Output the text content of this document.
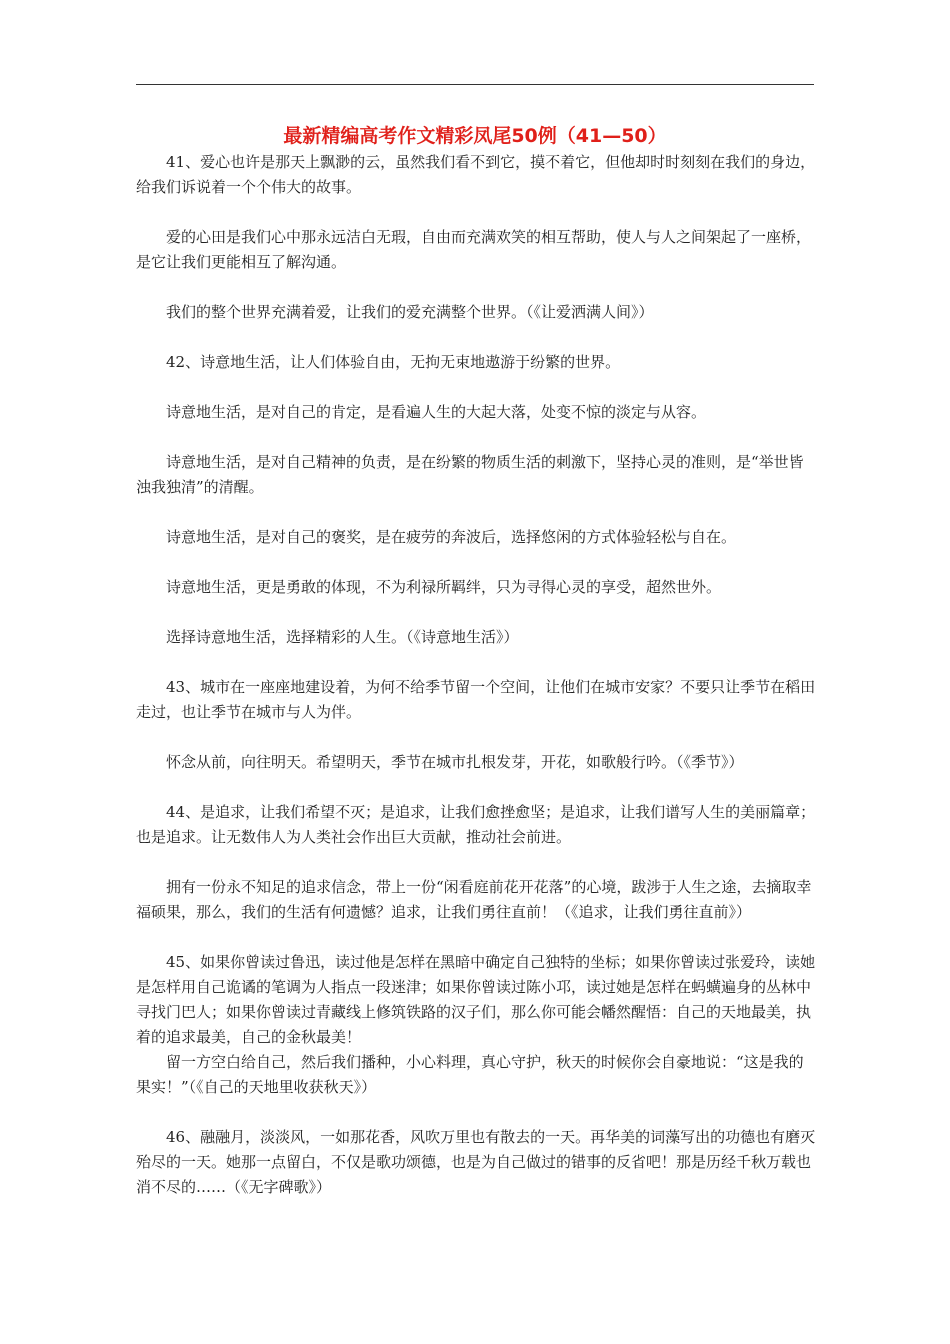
最新精编高考作文精彩凤尾50例（41—50）

41、爱心也许是那天上飘渺的云，虽然我们看不到它，摸不着它，但他却时时刻刻在我们的身边，给我们诉说着一个个伟大的故事。

爱的心田是我们心中那永远洁白无瑕，自由而充满欢笑的相互帮助，使人与人之间架起了一座桥，是它让我们更能相互了解沟通。

我们的整个世界充满着爱，让我们的爱充满整个世界。（《让爱洒满人间》）

42、诗意地生活，让人们体验自由，无拘无束地遨游于纷繁的世界。

诗意地生活，是对自己的肯定，是看遍人生的大起大落，处变不惊的淡定与从容。

诗意地生活，是对自己精神的负责，是在纷繁的物质生活的刺激下，坚持心灵的准则，是“举世皆浊我独清”的清醒。

诗意地生活，是对自己的褒奖，是在疲劳的奔波后，选择悠闲的方式体验轻松与自在。

诗意地生活，更是勇敢的体现，不为利禄所羁绊，只为寻得心灵的享受，超然世外。

选择诗意地生活，选择精彩的人生。（《诗意地生活》）

43、城市在一座座地建设着，为何不给季节留一个空间，让他们在城市安家？不要只让季节在稻田走过，也让季节在城市与人为伴。

怀念从前，向往明天。希望明天，季节在城市扎根发芽，开花，如歌般行吟。（《季节》）

44、是追求，让我们希望不灭；是追求，让我们愈挫愈坚；是追求，让我们谱写人生的美丽篇章；也是追求。让无数伟人为人类社会作出巨大贡献，推动社会前进。

拥有一份永不知足的追求信念，带上一份“闲看庭前花开花落”的心境，跋涉于人生之途，去摘取幸福硕果，那么，我们的生活有何遗憾？追求，让我们勇往直前！（《追求，让我们勇往直前》）

45、如果你曾读过鲁迅，读过他是怎样在黑暗中确定自己独特的坐标；如果你曾读过张爱玲，读她是怎样用自己诡谲的笔调为人指点一段迷津；如果你曾读过陈小邛，读过她是怎样在蚂蟥遍身的丛林中寻找门巴人；如果你曾读过青藏线上修筑铁路的汉子们，那么你可能会幡然醒悟：自己的天地最美，执着的追求最美，自己的金秋最美！

留一方空白给自己，然后我们播种，小心料理，真心守护，秋天的时候你会自豪地说：“这是我的果实！”（《自己的天地里收获秋天》）

46、融融月，淡淡风，一如那花香，风吹万里也有散去的一天。再华美的词藻写出的功德也有磨灭殆尽的一天。她那一点留白，不仅是歌功颂德，也是为自己做过的错事的反省吧！那是历经千秋万载也消不尽的……（《无字碑歌》）
